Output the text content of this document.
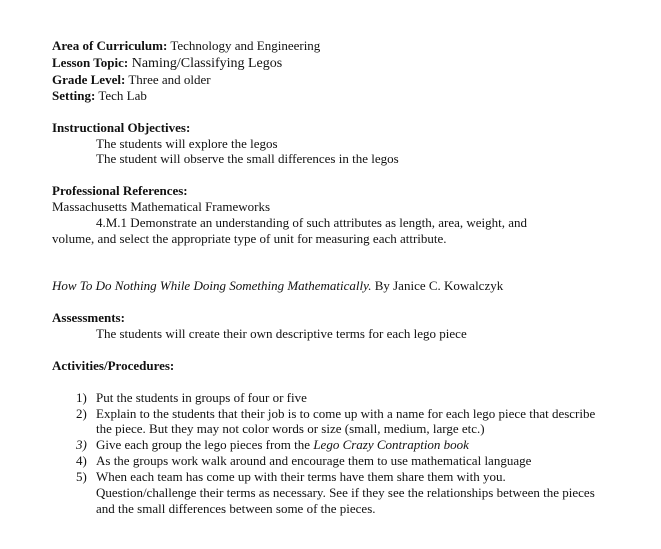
Area of Curriculum: Technology and Engineering
Lesson Topic: Naming/Classifying Legos
Grade Level: Three and older
Setting: Tech Lab
Instructional Objectives:
The students will explore the legos
The student will observe the small differences in the legos
Professional References:
Massachusetts Mathematical Frameworks
4.M.1 Demonstrate an understanding of such attributes as length, area, weight, and
volume, and select the appropriate type of unit for measuring each attribute.
How To Do Nothing While Doing Something Mathematically. By Janice C. Kowalczyk
Assessments:
The students will create their own descriptive terms for each lego piece
Activities/Procedures:
1) Put the students in groups of four or five
2) Explain to the students that their job is to come up with a name for each lego piece that describe
the piece. But they may not color words or size (small, medium, large etc.)
3) Give each group the lego pieces from the Lego Crazy Contraption book
4) As the groups work walk around and encourage them to use mathematical language
5) When each team has come up with their terms have them share them with you.
Question/challenge their terms as necessary. See if they see the relationships between the pieces
and the small differences between some of the pieces.
